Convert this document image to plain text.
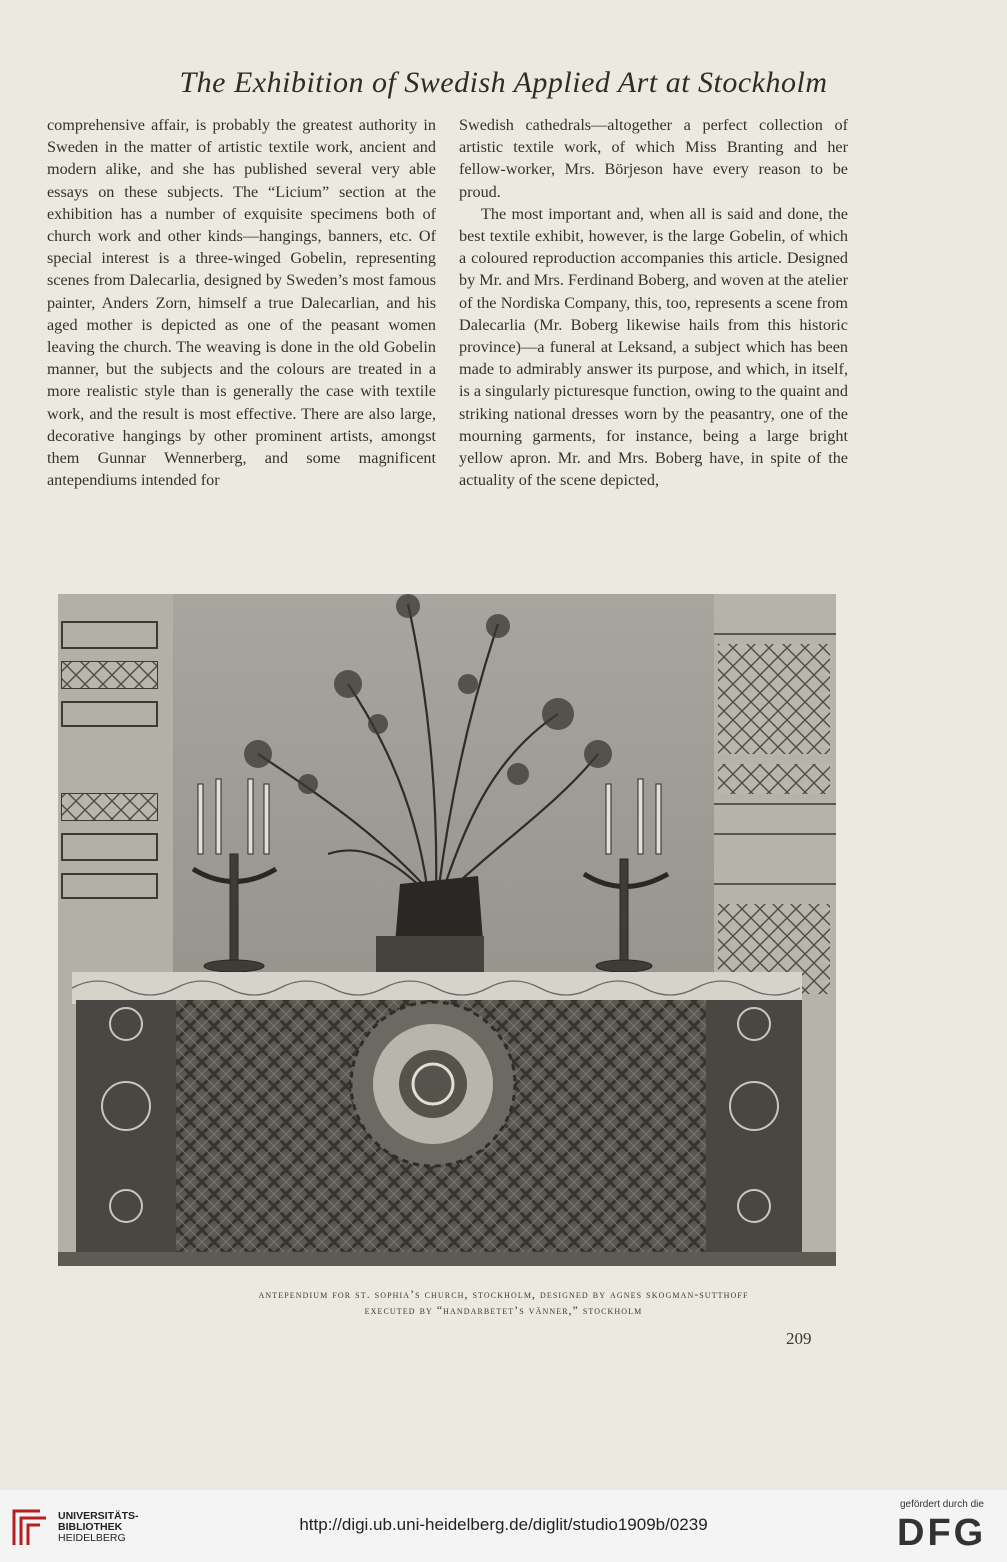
The Exhibition of Swedish Applied Art at Stockholm

comprehensive affair, is probably the greatest authority in Sweden in the matter of artistic textile work, ancient and modern alike, and she has published several very able essays on these subjects. The “Licium” section at the exhibition has a number of exquisite specimens both of church work and other kinds—hangings, banners, etc. Of special interest is a three-winged Gobelin, representing scenes from Dalecarlia, designed by Sweden’s most famous painter, Anders Zorn, himself a true Dalecarlian, and his aged mother is depicted as one of the peasant women leaving the church. The weaving is done in the old Gobelin manner, but the subjects and the colours are treated in a more realistic style than is generally the case with textile work, and the result is most effective. There are also large, decorative hangings by other prominent artists, amongst them Gunnar Wennerberg, and some magnificent antependiums intended for

Swedish cathedrals—altogether a perfect collection of artistic textile work, of which Miss Branting and her fellow-worker, Mrs. Börjeson have every reason to be proud.

The most important and, when all is said and done, the best textile exhibit, however, is the large Gobelin, of which a coloured reproduction accompanies this article. Designed by Mr. and Mrs. Ferdinand Boberg, and woven at the atelier of the Nordiska Company, this, too, represents a scene from Dalecarlia (Mr. Boberg likewise hails from this historic province)—a funeral at Leksand, a subject which has been made to admirably answer its purpose, and which, in itself, is a singularly picturesque function, owing to the quaint and striking national dresses worn by the peasantry, one of the mourning garments, for instance, being a large bright yellow apron. Mr. and Mrs. Boberg have, in spite of the actuality of the scene depicted,

antependium for st. sophia’s church, stockholm, designed by agnes skogman-sutthoff
executed by “handarbetet’s vänner,” stockholm
209
UNIVERSITÄTS-
BIBLIOTHEK
HEIDELBERG
http://digi.ub.uni-heidelberg.de/diglit/studio1909b/0239
gefördert durch die
DFG
